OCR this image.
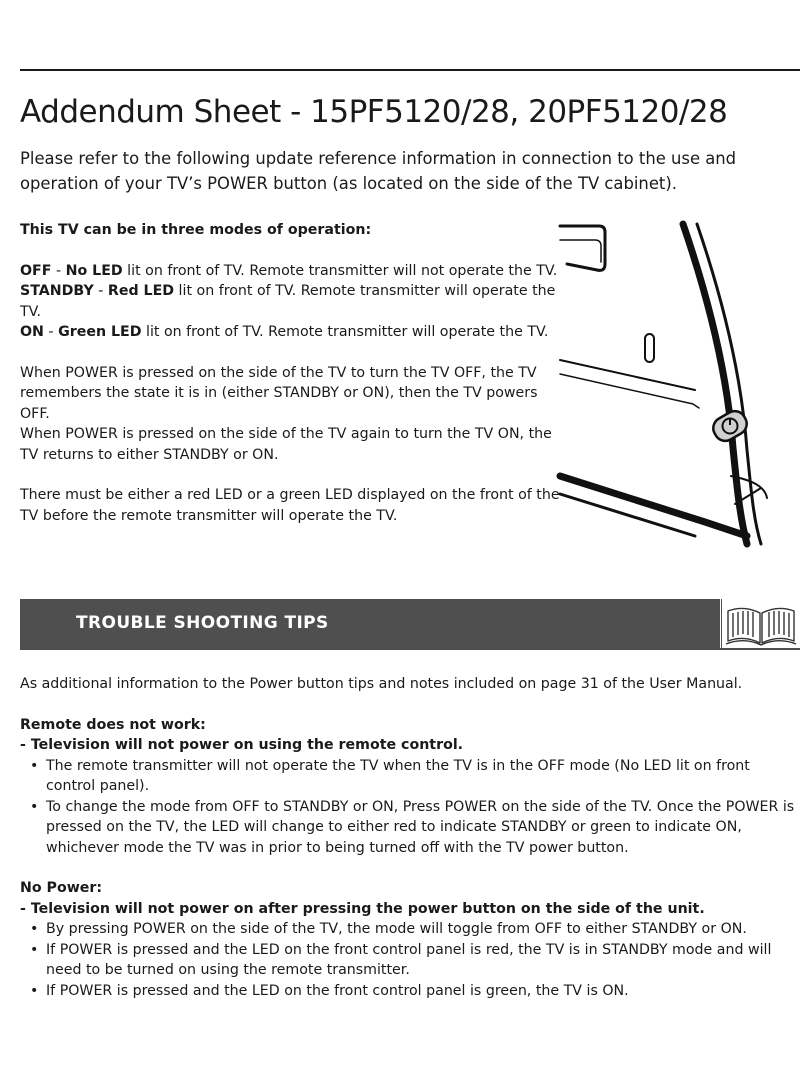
Addendum Sheet - 15PF5120/28, 20PF5120/28

Please refer to the following update reference information in connection to the use and operation of your TV’s POWER button (as located on the side of the TV cabinet).

This TV can be in three modes of operation:

OFF - No LED lit on front of TV. Remote transmitter will not operate the TV.

STANDBY - Red LED lit on front of TV. Remote transmitter will operate the TV.

ON - Green LED lit on front of TV. Remote transmitter will operate the TV.

When POWER is pressed on the side of the TV to turn the TV OFF, the TV remembers the state it is in (either STANDBY or ON), then the TV powers OFF.

When POWER is pressed on the side of the TV again to turn the TV ON, the TV returns to either STANDBY or ON.

There must be either a red LED or a green LED displayed on the front of the TV before the remote transmitter will operate the TV.

TROUBLE SHOOTING TIPS

As additional information to the Power button tips and notes included on page 31 of the User Manual.

Remote does not work:

- Television will not power on using the remote control.

• The remote transmitter will not operate the TV when the TV is in the OFF mode (No LED lit on front control panel).
• To change the mode from OFF to STANDBY or ON, Press POWER on the side of the TV. Once the POWER is pressed on the TV, the LED will change to either red to indicate STANDBY or green to indicate ON, whichever mode the TV was in prior to being turned off with the TV power button.

No Power:

- Television will not power on after pressing the power button on the side of the unit.

• By pressing POWER on the side of the TV, the mode will toggle from OFF to either STANDBY or ON.
• If POWER is pressed and the LED on the front control panel is red, the TV is in STANDBY mode and will need to be turned on using the remote transmitter.
• If POWER is pressed and the LED on the front control panel is green, the TV is ON.
